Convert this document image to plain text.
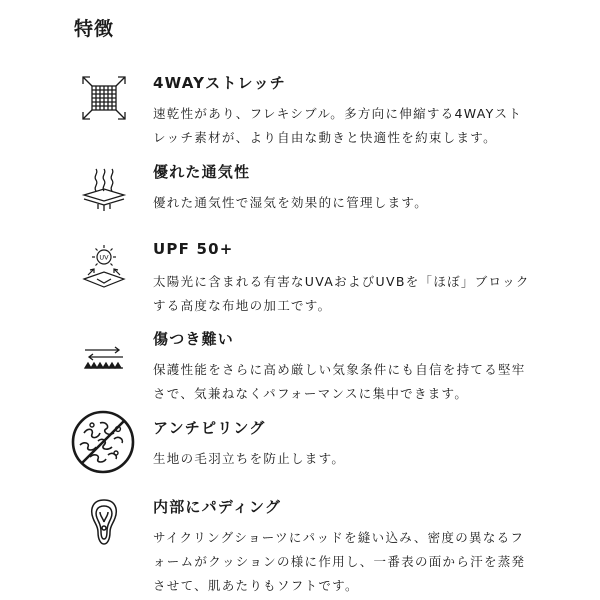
特徴
4WAYストレッチ
速乾性があり、フレキシブル。多方向に伸縮する4WAYストレッチ素材が、より自由な動きと快適性を約束します。
優れた通気性
優れた通気性で湿気を効果的に管理します。
UV	UPF 50+
太陽光に含まれる有害なUVAおよびUVBを「ほぼ」ブロックする高度な布地の加工です。
傷つき難い
保護性能をさらに高め厳しい気象条件にも自信を持てる堅牢さで、気兼ねなくパフォーマンスに集中できます。
アンチピリング
生地の毛羽立ちを防止します。
内部にパディング
サイクリングショーツにパッドを縫い込み、密度の異なるフォームがクッションの様に作用し、一番表の面から汗を蒸発させて、肌あたりもソフトです。
